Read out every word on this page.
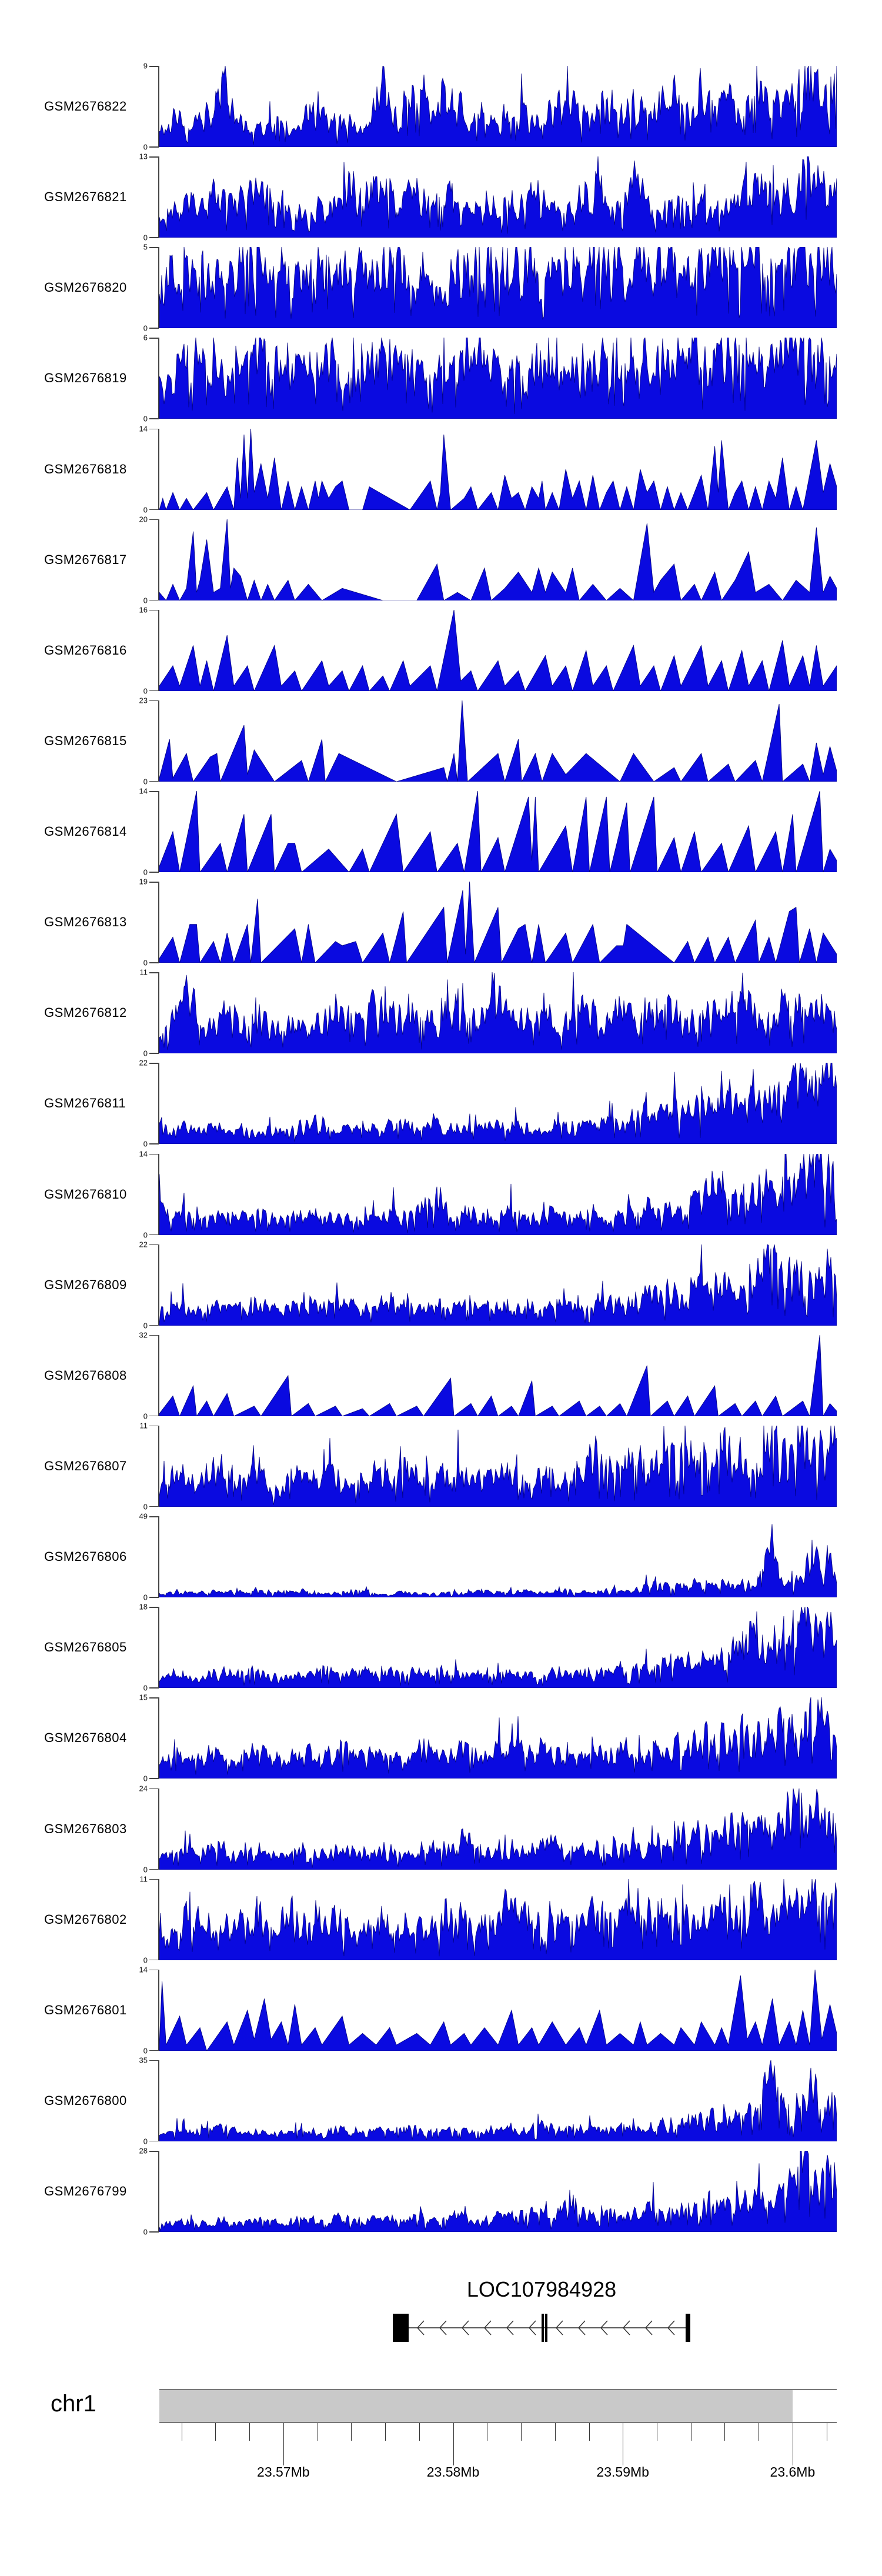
GSM2676822
9
0
GSM2676821
13
0
GSM2676820
5
0
GSM2676819
6
0
GSM2676818
14
0
GSM2676817
20
0
GSM2676816
16
0
GSM2676815
23
0
GSM2676814
14
0
GSM2676813
19
0
GSM2676812
11
0
GSM2676811
22
0
GSM2676810
14
0
GSM2676809
22
0
GSM2676808
32
0
GSM2676807
11
0
GSM2676806
49
0
GSM2676805
18
0
GSM2676804
15
0
GSM2676803
24
0
GSM2676802
11
0
GSM2676801
14
0
GSM2676800
35
0
GSM2676799
28
0
LOC107984928
chr1
23.57Mb	23.58Mb	23.59Mb	23.6Mb
